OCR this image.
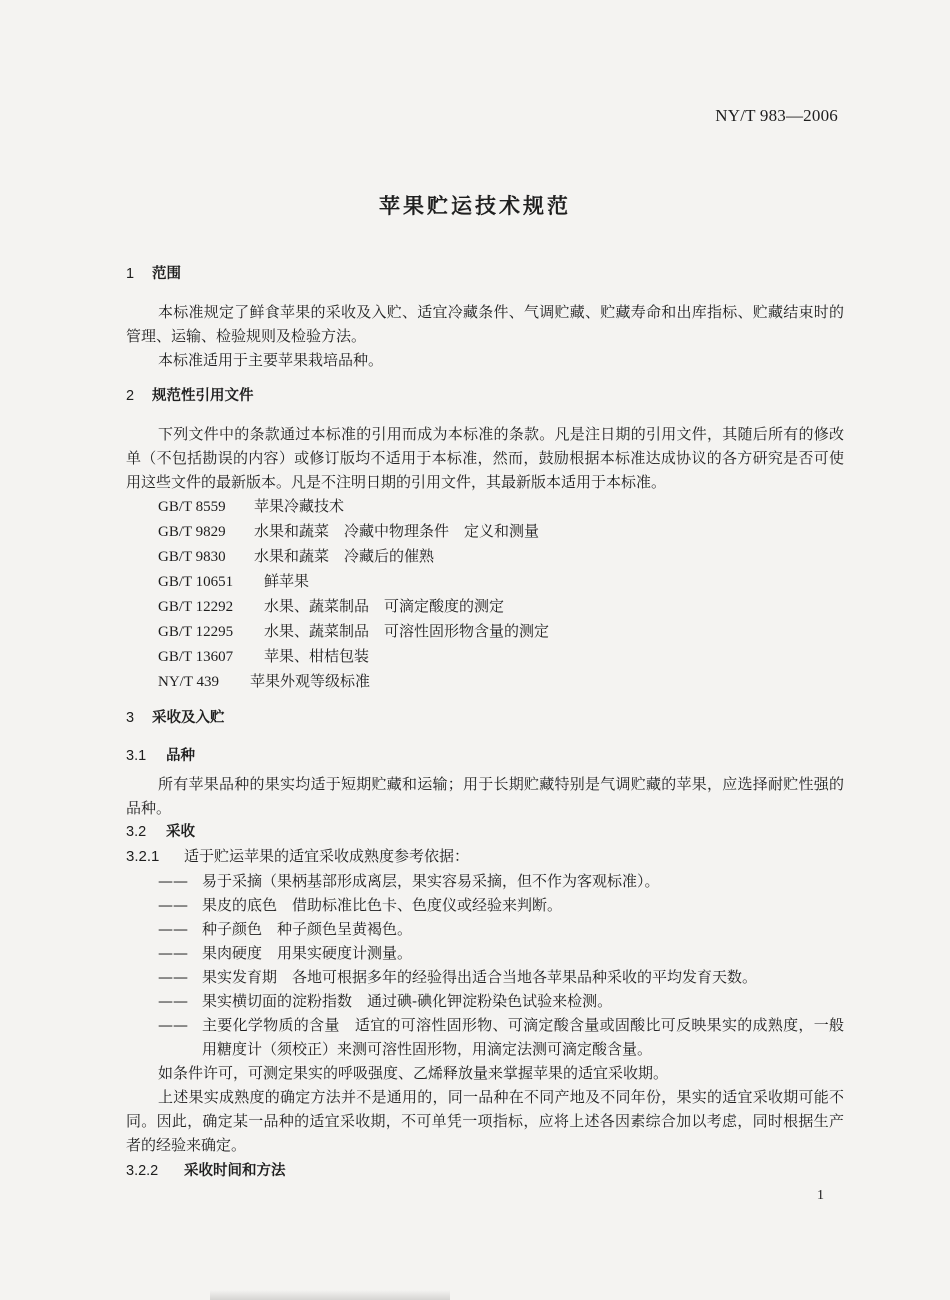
NY/T 983—2006
苹果贮运技术规范
1 范围

本标准规定了鲜食苹果的采收及入贮、适宜冷藏条件、气调贮藏、贮藏寿命和出库指标、贮藏结束时的管理、运输、检验规则及检验方法。

本标准适用于主要苹果栽培品种。

2 规范性引用文件

下列文件中的条款通过本标准的引用而成为本标准的条款。凡是注日期的引用文件，其随后所有的修改单（不包括勘误的内容）或修订版均不适用于本标准，然而，鼓励根据本标准达成协议的各方研究是否可使用这些文件的最新版本。凡是不注明日期的引用文件，其最新版本适用于本标准。

GB/T 8559 苹果冷藏技术

GB/T 9829 水果和蔬菜　冷藏中物理条件　定义和测量

GB/T 9830 水果和蔬菜　冷藏后的催熟

GB/T 10651 鲜苹果

GB/T 12292 水果、蔬菜制品　可滴定酸度的测定

GB/T 12295 水果、蔬菜制品　可溶性固形物含量的测定

GB/T 13607 苹果、柑桔包装

NY/T 439 苹果外观等级标准

3 采收及入贮
3.1 品种

所有苹果品种的果实均适于短期贮藏和运输；用于长期贮藏特别是气调贮藏的苹果，应选择耐贮性强的品种。

3.2 采收
3.2.1 适于贮运苹果的适宜采收成熟度参考依据：
—— 易于采摘（果柄基部形成离层，果实容易采摘，但不作为客观标准）。
—— 果皮的底色　借助标准比色卡、色度仪或经验来判断。
—— 种子颜色　种子颜色呈黄褐色。
—— 果肉硬度　用果实硬度计测量。
—— 果实发育期　各地可根据多年的经验得出适合当地各苹果品种采收的平均发育天数。
—— 果实横切面的淀粉指数　通过碘-碘化钾淀粉染色试验来检测。
—— 主要化学物质的含量　适宜的可溶性固形物、可滴定酸含量或固酸比可反映果实的成熟度，一般用糖度计（须校正）来测可溶性固形物，用滴定法测可滴定酸含量。

如条件许可，可测定果实的呼吸强度、乙烯释放量来掌握苹果的适宜采收期。

上述果实成熟度的确定方法并不是通用的，同一品种在不同产地及不同年份，果实的适宜采收期可能不同。因此，确定某一品种的适宜采收期，不可单凭一项指标，应将上述各因素综合加以考虑，同时根据生产者的经验来确定。

3.2.2 采收时间和方法
1
